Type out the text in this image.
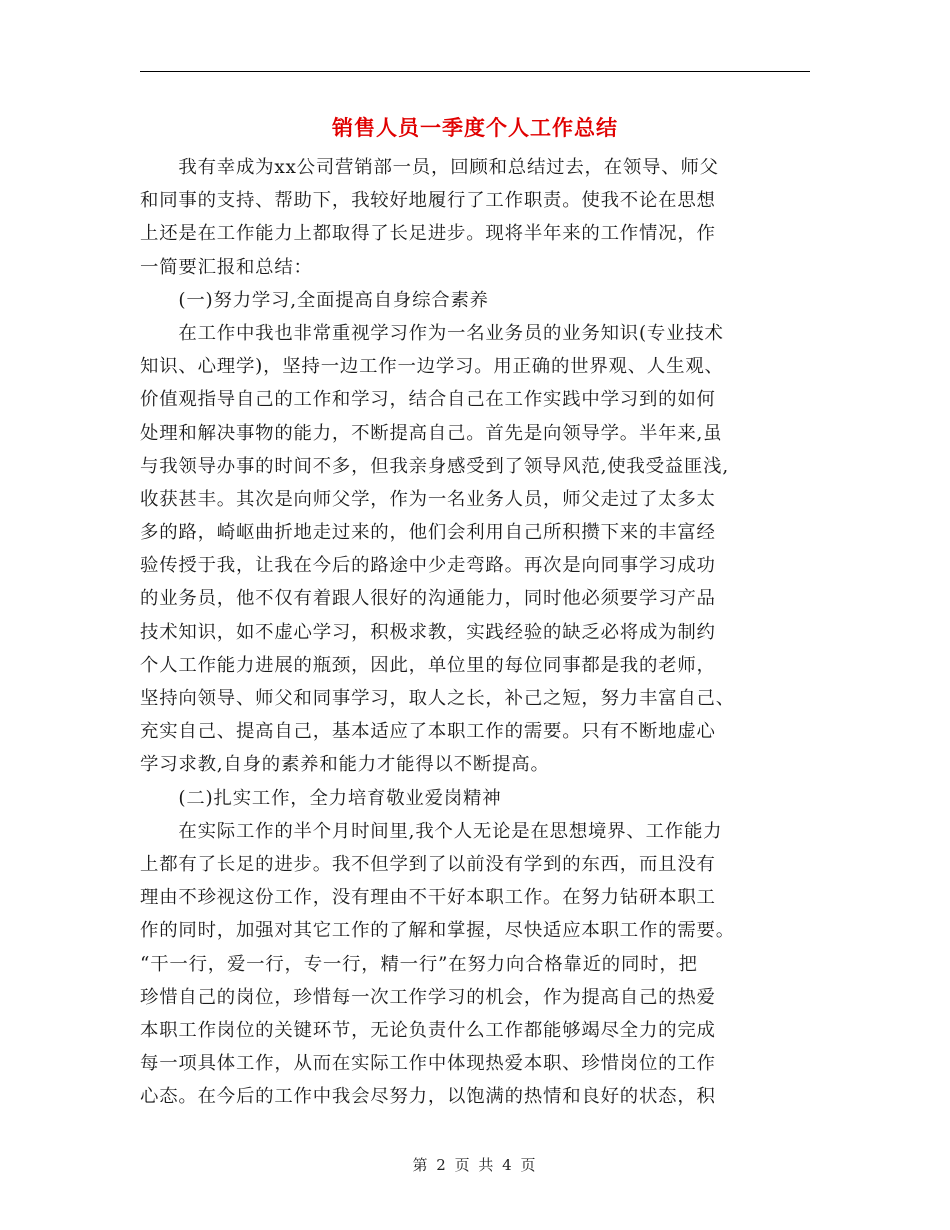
销售人员一季度个人工作总结
　　我有幸成为xx公司营销部一员，回顾和总结过去，在领导、师父
和同事的支持、帮助下，我较好地履行了工作职责。使我不论在思想
上还是在工作能力上都取得了长足进步。现将半年来的工作情况，作
一简要汇报和总结：
　　(一)努力学习,全面提高自身综合素养
　　在工作中我也非常重视学习作为一名业务员的业务知识(专业技术
知识、心理学)，坚持一边工作一边学习。用正确的世界观、人生观、
价值观指导自己的工作和学习，结合自己在工作实践中学习到的如何
处理和解决事物的能力，不断提高自己。首先是向领导学。半年来,虽
与我领导办事的时间不多，但我亲身感受到了领导风范,使我受益匪浅,
收获甚丰。其次是向师父学，作为一名业务人员，师父走过了太多太
多的路，崎岖曲折地走过来的，他们会利用自己所积攒下来的丰富经
验传授于我，让我在今后的路途中少走弯路。再次是向同事学习成功
的业务员，他不仅有着跟人很好的沟通能力，同时他必须要学习产品
技术知识，如不虚心学习，积极求教，实践经验的缺乏必将成为制约
个人工作能力进展的瓶颈，因此，单位里的每位同事都是我的老师，
坚持向领导、师父和同事学习，取人之长，补己之短，努力丰富自己、
充实自己、提高自己，基本适应了本职工作的需要。只有不断地虚心
学习求教,自身的素养和能力才能得以不断提高。
　　(二)扎实工作，全力培育敬业爱岗精神
　　在实际工作的半个月时间里,我个人无论是在思想境界、工作能力
上都有了长足的进步。我不但学到了以前没有学到的东西，而且没有
理由不珍视这份工作，没有理由不干好本职工作。在努力钻研本职工
作的同时，加强对其它工作的了解和掌握，尽快适应本职工作的需要。
“干一行，爱一行，专一行，精一行”在努力向合格靠近的同时，把
珍惜自己的岗位，珍惜每一次工作学习的机会，作为提高自己的热爱
本职工作岗位的关键环节，无论负责什么工作都能够竭尽全力的完成
每一项具体工作，从而在实际工作中体现热爱本职、珍惜岗位的工作
心态。在今后的工作中我会尽努力，以饱满的热情和良好的状态，积
第 2 页 共 4 页
